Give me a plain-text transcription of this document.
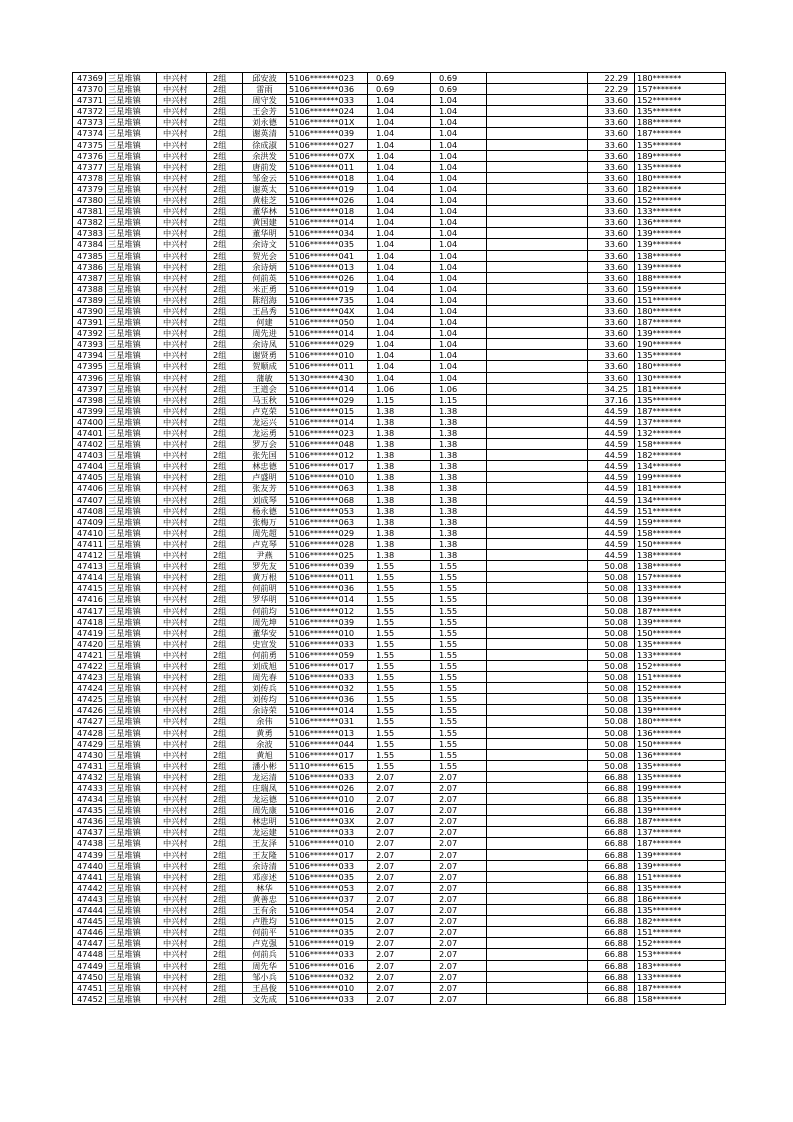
47369	三星堆镇	中兴村	2组	邱安波	5106*******023	0.69	0.69		22.29	180*******
47370	三星堆镇	中兴村	2组	雷雨	5106*******036	0.69	0.69		22.29	157*******
47371	三星堆镇	中兴村	2组	周守发	5106*******033	1.04	1.04		33.60	152*******
47372	三星堆镇	中兴村	2组	王会芳	5106*******024	1.04	1.04		33.60	135*******
47373	三星堆镇	中兴村	2组	刘永德	5106*******01X	1.04	1.04		33.60	188*******
47374	三星堆镇	中兴村	2组	谢英清	5106*******039	1.04	1.04		33.60	187*******
47375	三星堆镇	中兴村	2组	徐成淑	5106*******027	1.04	1.04		33.60	135*******
47376	三星堆镇	中兴村	2组	余洪发	5106*******07X	1.04	1.04		33.60	189*******
47377	三星堆镇	中兴村	2组	唐前发	5106*******011	1.04	1.04		33.60	135*******
47378	三星堆镇	中兴村	2组	邹金云	5106*******018	1.04	1.04		33.60	180*******
47379	三星堆镇	中兴村	2组	谢英太	5106*******019	1.04	1.04		33.60	182*******
47380	三星堆镇	中兴村	2组	黄桂芝	5106*******026	1.04	1.04		33.60	152*******
47381	三星堆镇	中兴村	2组	董华林	5106*******018	1.04	1.04		33.60	133*******
47382	三星堆镇	中兴村	2组	黄国建	5106*******014	1.04	1.04		33.60	136*******
47383	三星堆镇	中兴村	2组	董华明	5106*******034	1.04	1.04		33.60	139*******
47384	三星堆镇	中兴村	2组	余诗文	5106*******035	1.04	1.04		33.60	139*******
47385	三星堆镇	中兴村	2组	贺光会	5106*******041	1.04	1.04		33.60	138*******
47386	三星堆镇	中兴村	2组	余诗炳	5106*******013	1.04	1.04		33.60	139*******
47387	三星堆镇	中兴村	2组	何前英	5106*******026	1.04	1.04		33.60	188*******
47388	三星堆镇	中兴村	2组	米正勇	5106*******019	1.04	1.04		33.60	159*******
47389	三星堆镇	中兴村	2组	陈绍海	5106*******735	1.04	1.04		33.60	151*******
47390	三星堆镇	中兴村	2组	王昌秀	5106*******04X	1.04	1.04		33.60	180*******
47391	三星堆镇	中兴村	2组	何建	5106*******050	1.04	1.04		33.60	187*******
47392	三星堆镇	中兴村	2组	周先进	5106*******014	1.04	1.04		33.60	139*******
47393	三星堆镇	中兴村	2组	余诗凤	5106*******029	1.04	1.04		33.60	190*******
47394	三星堆镇	中兴村	2组	谢贤勇	5106*******010	1.04	1.04		33.60	135*******
47395	三星堆镇	中兴村	2组	贺顺成	5106*******011	1.04	1.04		33.60	180*******
47396	三星堆镇	中兴村	2组	蒲敏	5130*******430	1.04	1.04		33.60	130*******
47397	三星堆镇	中兴村	2组	王道会	5106*******014	1.06	1.06		34.25	181*******
47398	三星堆镇	中兴村	2组	马玉秋	5106*******029	1.15	1.15		37.16	135*******
47399	三星堆镇	中兴村	2组	卢克荣	5106*******015	1.38	1.38		44.59	187*******
47400	三星堆镇	中兴村	2组	龙运兴	5106*******014	1.38	1.38		44.59	137*******
47401	三星堆镇	中兴村	2组	龙运勇	5106*******023	1.38	1.38		44.59	132*******
47402	三星堆镇	中兴村	2组	罗万会	5106*******048	1.38	1.38		44.59	158*******
47403	三星堆镇	中兴村	2组	张先国	5106*******012	1.38	1.38		44.59	182*******
47404	三星堆镇	中兴村	2组	林忠德	5106*******017	1.38	1.38		44.59	134*******
47405	三星堆镇	中兴村	2组	卢盛明	5106*******010	1.38	1.38		44.59	199*******
47406	三星堆镇	中兴村	2组	张友芳	5106*******063	1.38	1.38		44.59	181*******
47407	三星堆镇	中兴村	2组	刘成琴	5106*******068	1.38	1.38		44.59	134*******
47408	三星堆镇	中兴村	2组	杨永德	5106*******053	1.38	1.38		44.59	151*******
47409	三星堆镇	中兴村	2组	张梅万	5106*******063	1.38	1.38		44.59	159*******
47410	三星堆镇	中兴村	2组	周先超	5106*******029	1.38	1.38		44.59	158*******
47411	三星堆镇	中兴村	2组	卢克琴	5106*******028	1.38	1.38		44.59	150*******
47412	三星堆镇	中兴村	2组	尹燕	5106*******025	1.38	1.38		44.59	138*******
47413	三星堆镇	中兴村	2组	罗先友	5106*******039	1.55	1.55		50.08	138*******
47414	三星堆镇	中兴村	2组	黄万根	5106*******011	1.55	1.55		50.08	157*******
47415	三星堆镇	中兴村	2组	何前明	5106*******036	1.55	1.55		50.08	133*******
47416	三星堆镇	中兴村	2组	罗华明	5106*******014	1.55	1.55		50.08	139*******
47417	三星堆镇	中兴村	2组	何前均	5106*******012	1.55	1.55		50.08	187*******
47418	三星堆镇	中兴村	2组	周先坤	5106*******039	1.55	1.55		50.08	139*******
47419	三星堆镇	中兴村	2组	董华安	5106*******010	1.55	1.55		50.08	150*******
47420	三星堆镇	中兴村	2组	史宣发	5106*******033	1.55	1.55		50.08	135*******
47421	三星堆镇	中兴村	2组	何前勇	5106*******059	1.55	1.55		50.08	133*******
47422	三星堆镇	中兴村	2组	刘成旭	5106*******017	1.55	1.55		50.08	152*******
47423	三星堆镇	中兴村	2组	周先春	5106*******033	1.55	1.55		50.08	151*******
47424	三星堆镇	中兴村	2组	刘传兵	5106*******032	1.55	1.55		50.08	152*******
47425	三星堆镇	中兴村	2组	刘传均	5106*******036	1.55	1.55		50.08	135*******
47426	三星堆镇	中兴村	2组	余诗荣	5106*******014	1.55	1.55		50.08	139*******
47427	三星堆镇	中兴村	2组	余伟	5106*******031	1.55	1.55		50.08	180*******
47428	三星堆镇	中兴村	2组	黄勇	5106*******013	1.55	1.55		50.08	136*******
47429	三星堆镇	中兴村	2组	余波	5106*******044	1.55	1.55		50.08	150*******
47430	三星堆镇	中兴村	2组	黄旭	5106*******017	1.55	1.55		50.08	136*******
47431	三星堆镇	中兴村	2组	潘小彬	5110*******615	1.55	1.55		50.08	135*******
47432	三星堆镇	中兴村	2组	龙运清	5106*******033	2.07	2.07		66.88	135*******
47433	三星堆镇	中兴村	2组	庄瑞凤	5106*******026	2.07	2.07		66.88	199*******
47434	三星堆镇	中兴村	2组	龙运德	5106*******010	2.07	2.07		66.88	135*******
47435	三星堆镇	中兴村	2组	周先康	5106*******016	2.07	2.07		66.88	139*******
47436	三星堆镇	中兴村	2组	林忠明	5106*******03X	2.07	2.07		66.88	187*******
47437	三星堆镇	中兴村	2组	龙运建	5106*******033	2.07	2.07		66.88	137*******
47438	三星堆镇	中兴村	2组	王友泽	5106*******010	2.07	2.07		66.88	187*******
47439	三星堆镇	中兴村	2组	王友隆	5106*******017	2.07	2.07		66.88	139*******
47440	三星堆镇	中兴村	2组	余诗清	5106*******033	2.07	2.07		66.88	139*******
47441	三星堆镇	中兴村	2组	邓彦述	5106*******035	2.07	2.07		66.88	151*******
47442	三星堆镇	中兴村	2组	林华	5106*******053	2.07	2.07		66.88	135*******
47443	三星堆镇	中兴村	2组	黄善忠	5106*******037	2.07	2.07		66.88	186*******
47444	三星堆镇	中兴村	2组	王有余	5106*******054	2.07	2.07		66.88	135*******
47445	三星堆镇	中兴村	2组	卢胜均	5106*******015	2.07	2.07		66.88	182*******
47446	三星堆镇	中兴村	2组	何前平	5106*******035	2.07	2.07		66.88	151*******
47447	三星堆镇	中兴村	2组	卢克强	5106*******019	2.07	2.07		66.88	152*******
47448	三星堆镇	中兴村	2组	何前兵	5106*******033	2.07	2.07		66.88	153*******
47449	三星堆镇	中兴村	2组	周先华	5106*******016	2.07	2.07		66.88	183*******
47450	三星堆镇	中兴村	2组	邹小兵	5106*******032	2.07	2.07		66.88	133*******
47451	三星堆镇	中兴村	2组	王昌俊	5106*******010	2.07	2.07		66.88	187*******
47452	三星堆镇	中兴村	2组	文先成	5106*******033	2.07	2.07		66.88	158*******
